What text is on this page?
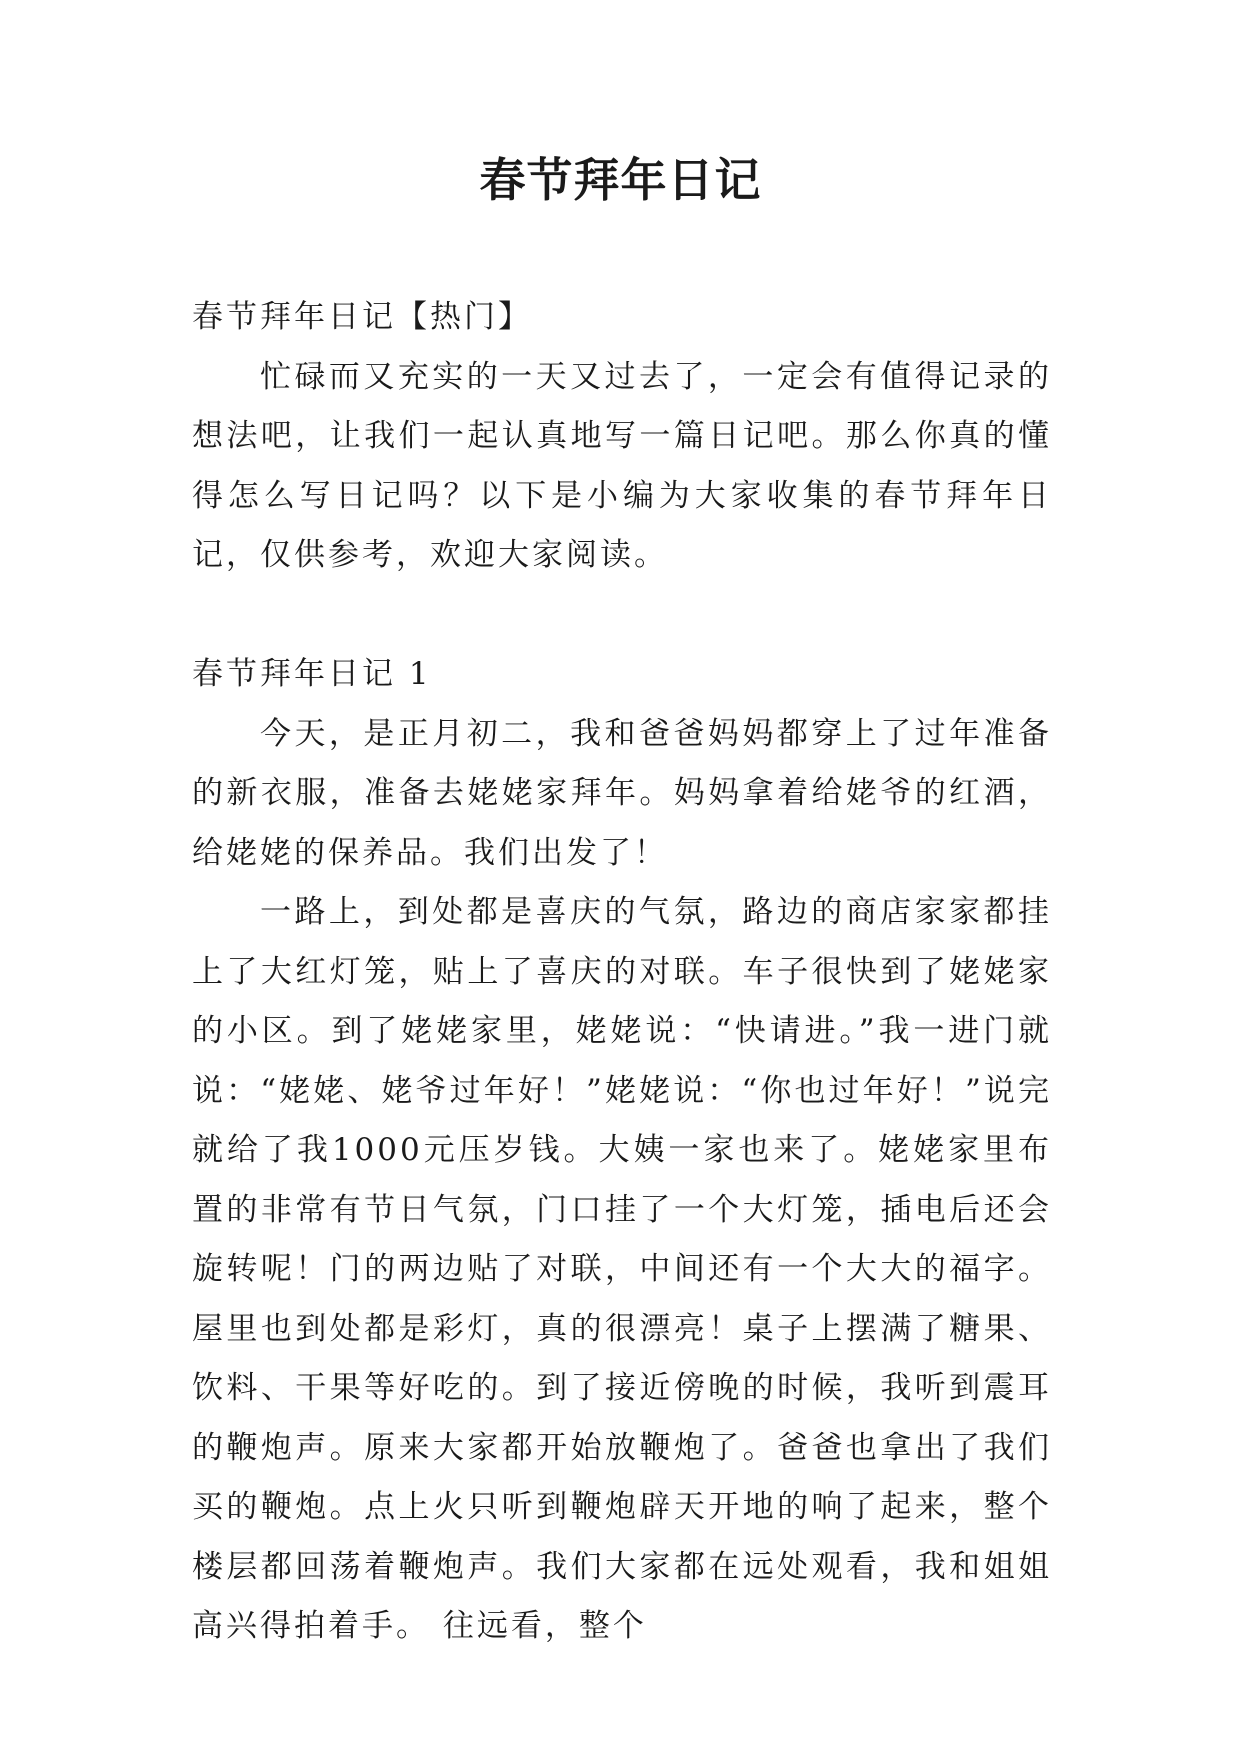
春节拜年日记

春节拜年日记【热门】

忙碌而又充实的一天又过去了，一定会有值得记录的想法吧，让我们一起认真地写一篇日记吧。那么你真的懂得怎么写日记吗？以下是小编为大家收集的春节拜年日记，仅供参考，欢迎大家阅读。

春节拜年日记 1

今天，是正月初二，我和爸爸妈妈都穿上了过年准备的新衣服，准备去姥姥家拜年。妈妈拿着给姥爷的红酒，给姥姥的保养品。我们出发了！

一路上，到处都是喜庆的气氛，路边的商店家家都挂上了大红灯笼，贴上了喜庆的对联。车子很快到了姥姥家的小区。到了姥姥家里，姥姥说：“快请进。”我一进门就说：“姥姥、姥爷过年好！”姥姥说：“你也过年好！”说完就给了我1000元压岁钱。大姨一家也来了。姥姥家里布置的非常有节日气氛，门口挂了一个大灯笼，插电后还会旋转呢！门的两边贴了对联，中间还有一个大大的福字。屋里也到处都是彩灯，真的很漂亮！桌子上摆满了糖果、饮料、干果等好吃的。到了接近傍晚的时候，我听到震耳的鞭炮声。原来大家都开始放鞭炮了。爸爸也拿出了我们买的鞭炮。点上火只听到鞭炮辟天开地的响了起来，整个楼层都回荡着鞭炮声。我们大家都在远处观看，我和姐姐高兴得拍着手。 往远看，整个
